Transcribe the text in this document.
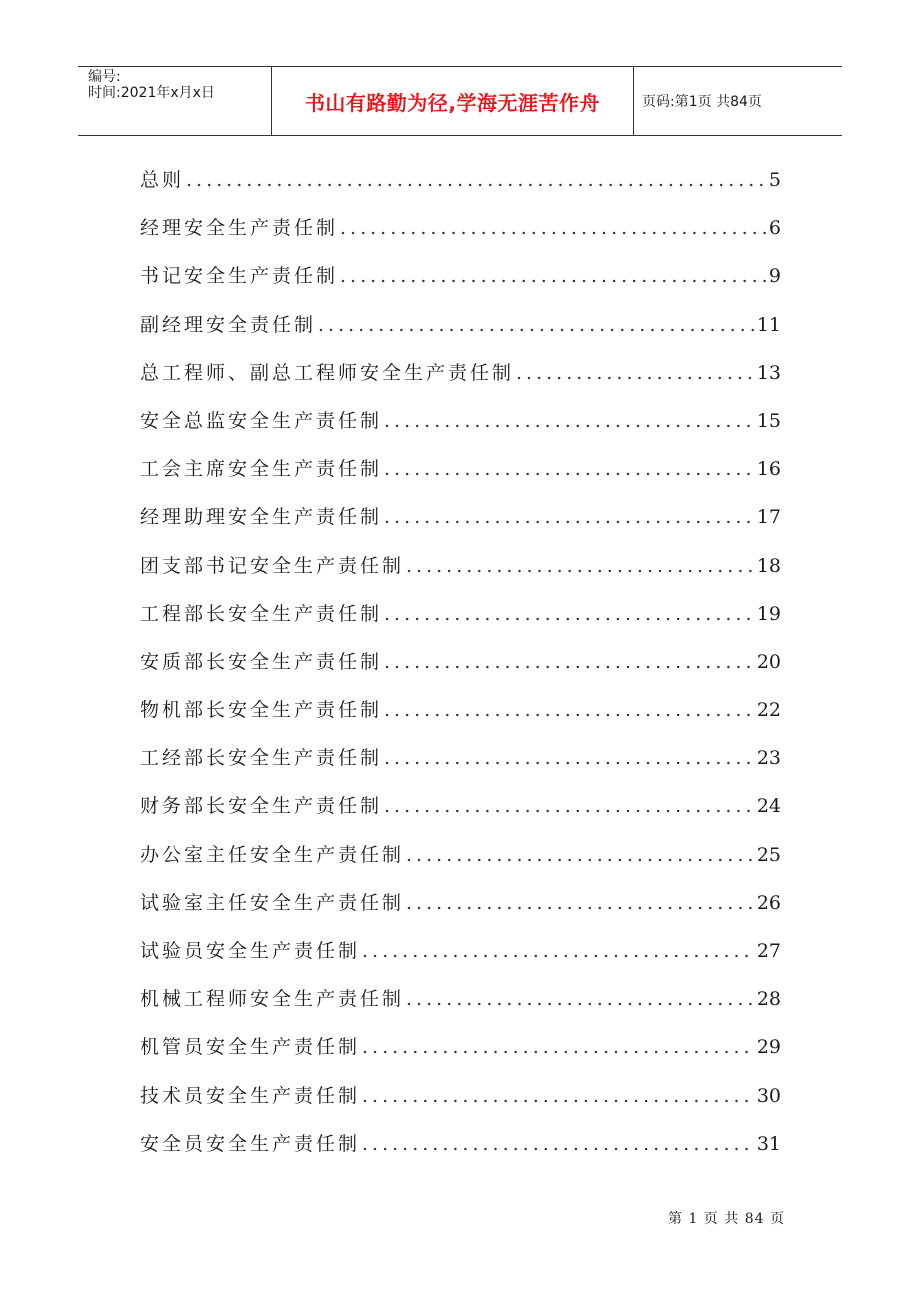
编号:
时间:2021年x月x日	书山有路勤为径,学海无涯苦作舟	页码:第1页 共84页
总则 .....	5
经理安全生产责任制 .....	6
书记安全生产责任制 .....	9
副经理安全责任制 .....	11
总工程师、副总工程师安全生产责任制 .....	13
安全总监安全生产责任制 .....	15
工会主席安全生产责任制 .....	16
经理助理安全生产责任制 .....	17
团支部书记安全生产责任制 .....	18
工程部长安全生产责任制 .....	19
安质部长安全生产责任制 .....	20
物机部长安全生产责任制 .....	22
工经部长安全生产责任制 .....	23
财务部长安全生产责任制 .....	24
办公室主任安全生产责任制 .....	25
试验室主任安全生产责任制 .....	26
试验员安全生产责任制 .....	27
机械工程师安全生产责任制 .....	28
机管员安全生产责任制 .....	29
技术员安全生产责任制 .....	30
安全员安全生产责任制 .....	31
第 1 页 共 84 页
